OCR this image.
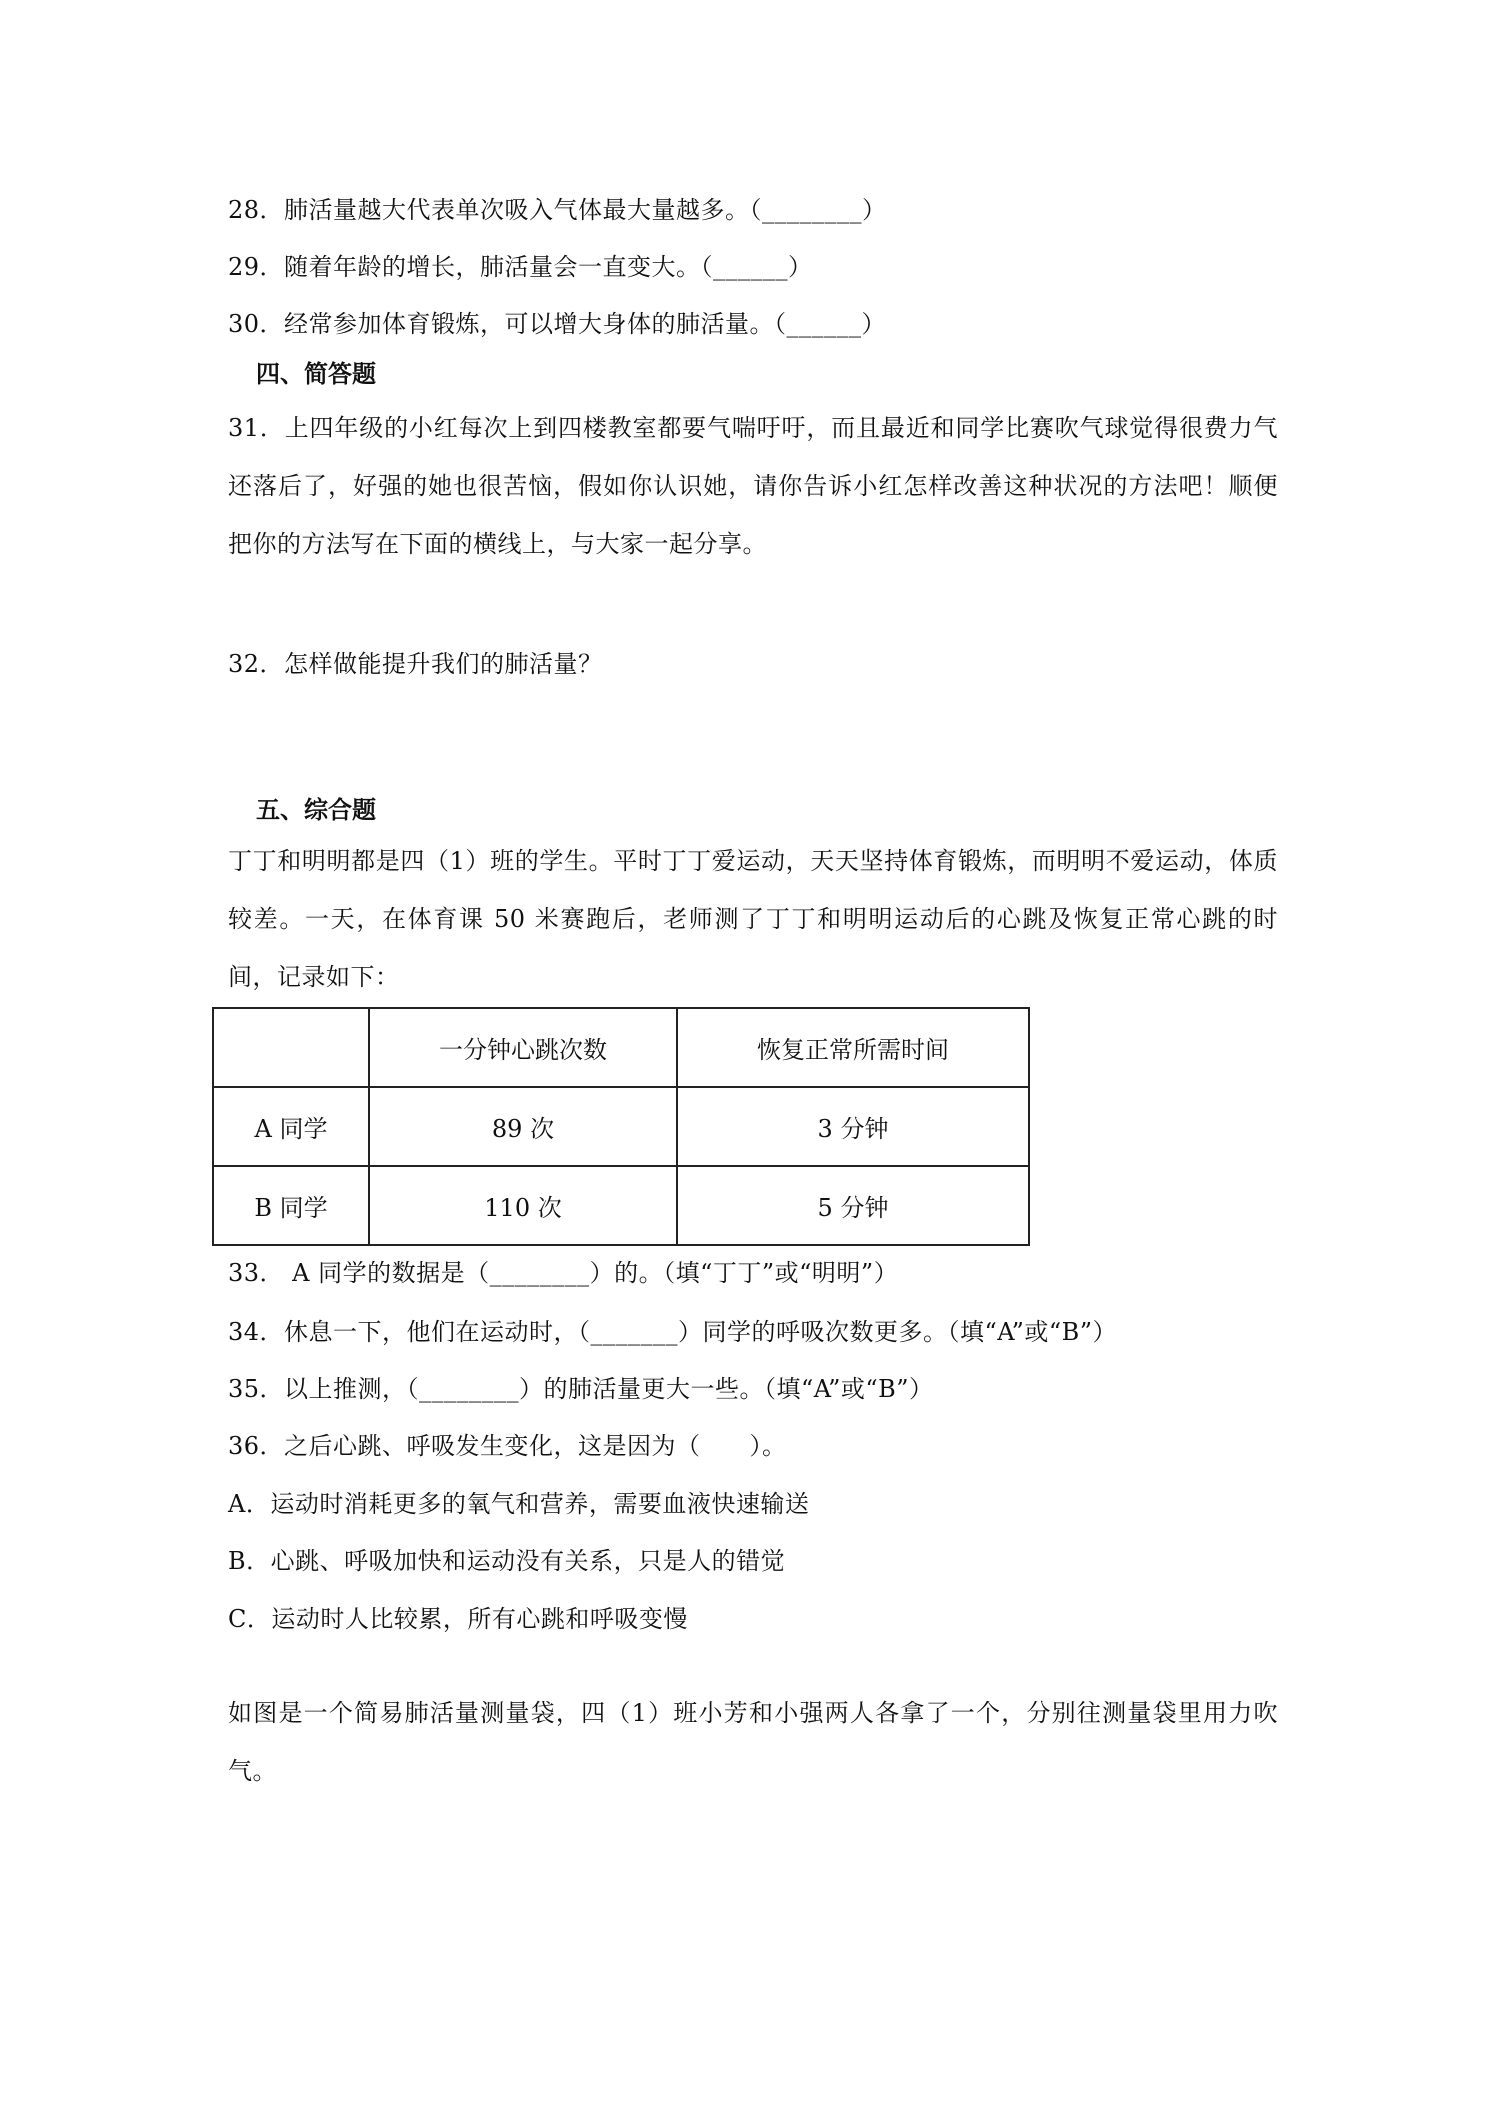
28．肺活量越大代表单次吸入气体最大量越多。（________）
29．随着年龄的增长，肺活量会一直变大。（______）
30．经常参加体育锻炼，可以增大身体的肺活量。（______）
四、简答题
31．上四年级的小红每次上到四楼教室都要气喘吁吁，而且最近和同学比赛吹气球觉得很费力气还落后了，好强的她也很苦恼，假如你认识她，请你告诉小红怎样改善这种状况的方法吧！顺便把你的方法写在下面的横线上，与大家一起分享。
32．怎样做能提升我们的肺活量？
五、综合题
丁丁和明明都是四（1）班的学生。平时丁丁爱运动，天天坚持体育锻炼，而明明不爱运动，体质较差。一天，在体育课 50 米赛跑后，老师测了丁丁和明明运动后的心跳及恢复正常心跳的时间，记录如下：
	一分钟心跳次数	恢复正常所需时间
A 同学	89 次	3 分钟
B 同学	110 次	5 分钟
33． A 同学的数据是（________）的。（填“丁丁”或“明明”）
34．休息一下，他们在运动时，（_______）同学的呼吸次数更多。（填“A”或“B”）
35．以上推测，（________）的肺活量更大一些。（填“A”或“B”）
36．之后心跳、呼吸发生变化，这是因为（　　）。
A．运动时消耗更多的氧气和营养，需要血液快速输送
B．心跳、呼吸加快和运动没有关系，只是人的错觉
C．运动时人比较累，所有心跳和呼吸变慢
如图是一个简易肺活量测量袋，四（1）班小芳和小强两人各拿了一个，分别往测量袋里用力吹气。
